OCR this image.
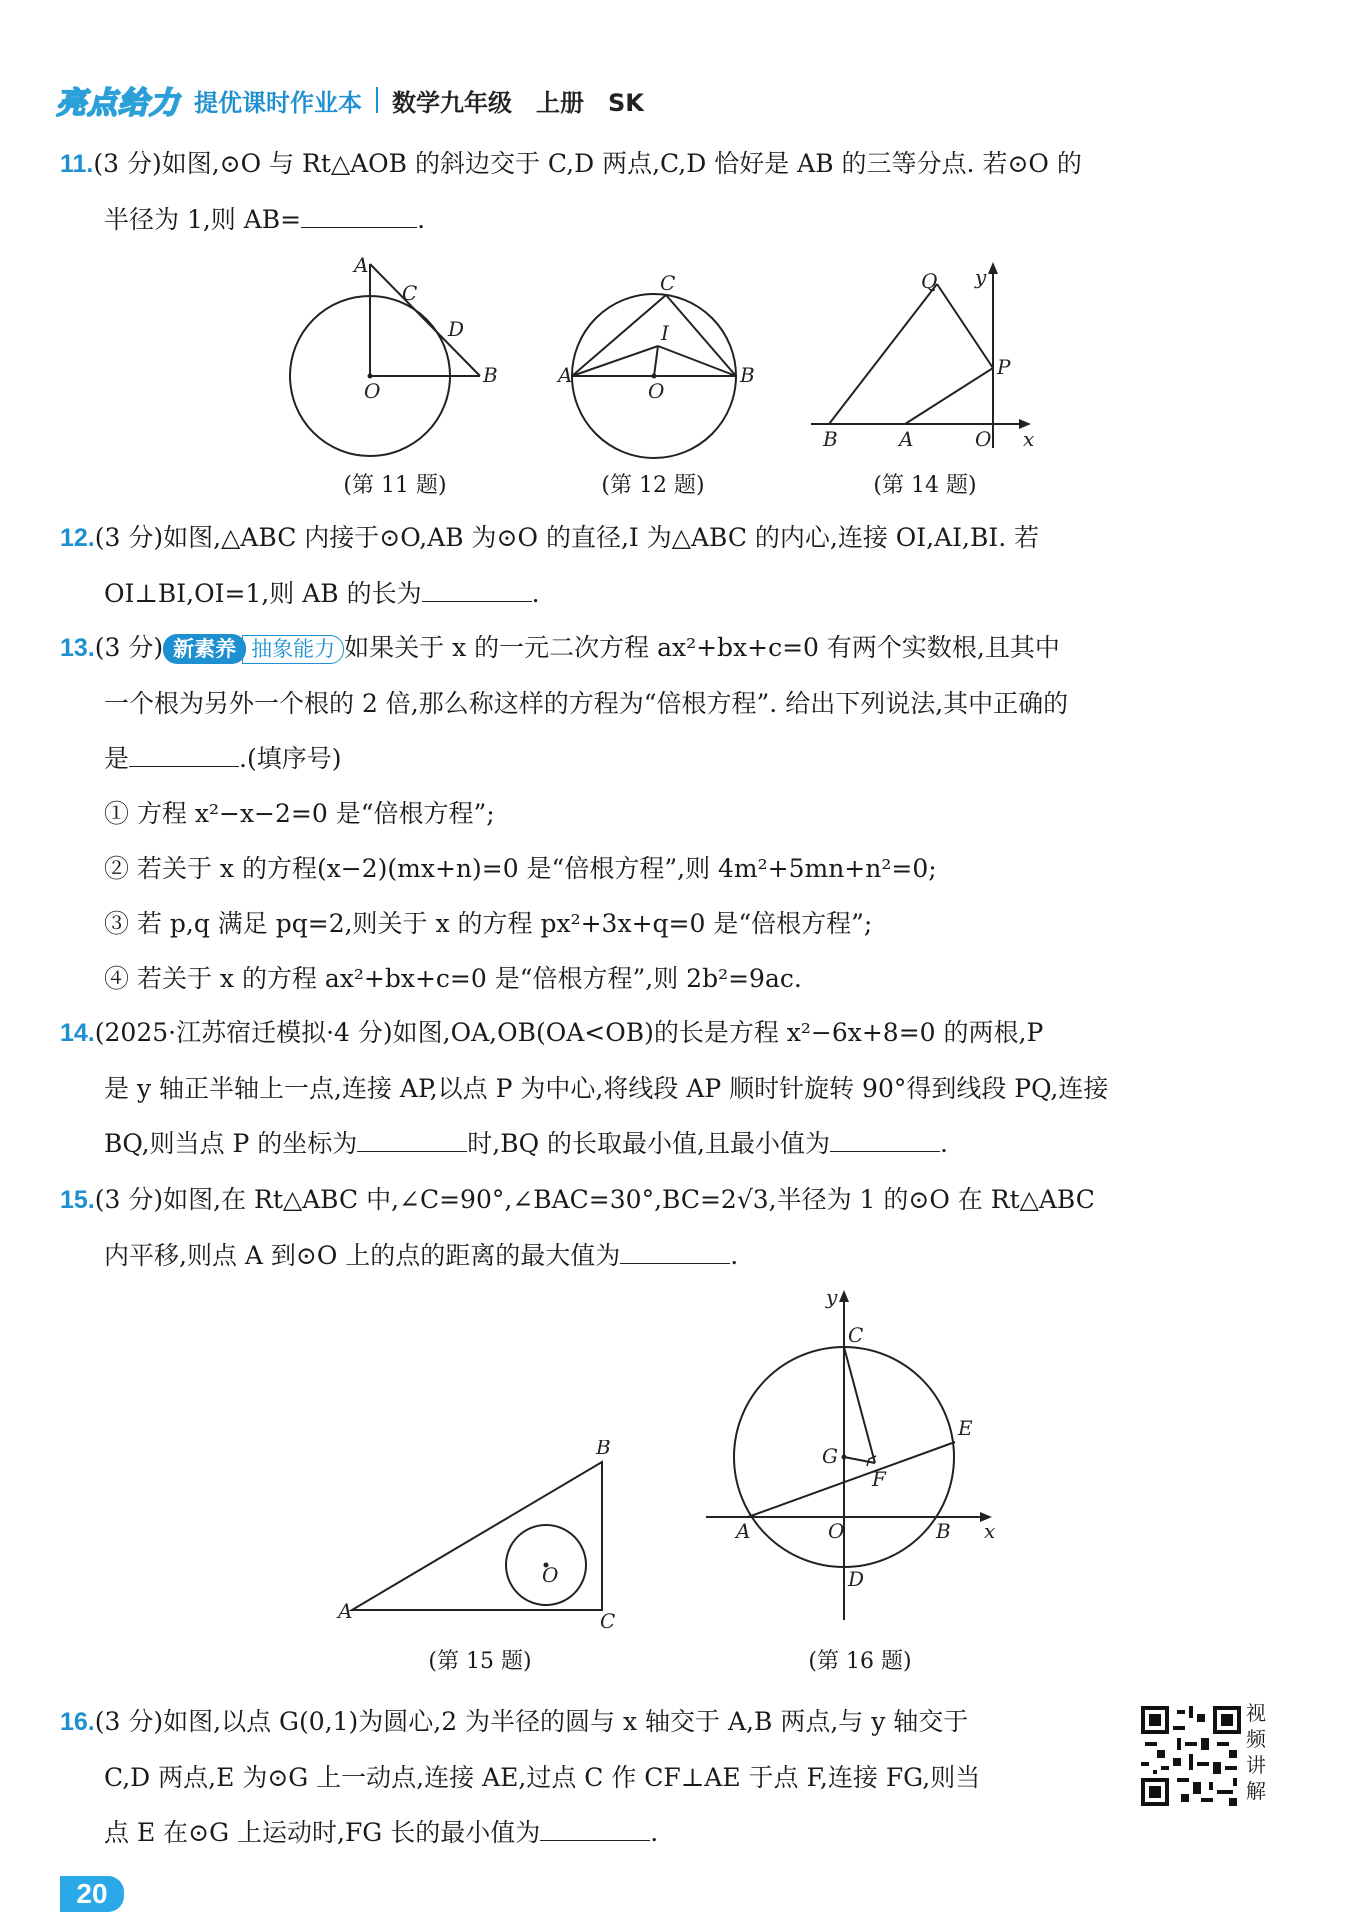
亮点给力 提优课时作业本 数学九年级　上册　SK
11.(3 分)如图,⊙O 与 Rt△AOB 的斜边交于 C,D 两点,C,D 恰好是 AB 的三等分点. 若⊙O 的
半径为 1,则 AB=	.
A
C
D
O
B
(第 11 题)
A	B
C
I
O
(第 12 题)
Q y
P
B	A	O x
(第 14 题)
12.(3 分)如图,△ABC 内接于⊙O,AB 为⊙O 的直径,I 为△ABC 的内心,连接 OI,AI,BI. 若
OI⊥BI,OI=1,则 AB 的长为	.
13.(3 分) 新素养 抽象能力 如果关于 x 的一元二次方程 ax²+bx+c=0 有两个实数根,且其中
一个根为另外一个根的 2 倍,那么称这样的方程为“倍根方程”. 给出下列说法,其中正确的
是	.(填序号)
① 方程 x²−x−2=0 是“倍根方程”;
② 若关于 x 的方程(x−2)(mx+n)=0 是“倍根方程”,则 4m²+5mn+n²=0;
③ 若 p,q 满足 pq=2,则关于 x 的方程 px²+3x+q=0 是“倍根方程”;
④ 若关于 x 的方程 ax²+bx+c=0 是“倍根方程”,则 2b²=9ac.
14.(2025·江苏宿迁模拟·4 分)如图,OA,OB(OA<OB)的长是方程 x²−6x+8=0 的两根,P
是 y 轴正半轴上一点,连接 AP,以点 P 为中心,将线段 AP 顺时针旋转 90°得到线段 PQ,连接
BQ,则当点 P 的坐标为	时,BQ 的长取最小值,且最小值为	.
15.(3 分)如图,在 Rt△ABC 中,∠C=90°,∠BAC=30°,BC=2√3,半径为 1 的⊙O 在 Rt△ABC
内平移,则点 A 到⊙O 上的点的距离的最大值为	.
A
B
C
O
(第 15 题)
y
C
E
G
F
A	O	B x
D
(第 16 题)
16.(3 分)如图,以点 G(0,1)为圆心,2 为半径的圆与 x 轴交于 A,B 两点,与 y 轴交于
C,D 两点,E 为⊙G 上一动点,连接 AE,过点 C 作 CF⊥AE 于点 F,连接 FG,则当
点 E 在⊙G 上运动时,FG 长的最小值为	.
视频讲解
20
